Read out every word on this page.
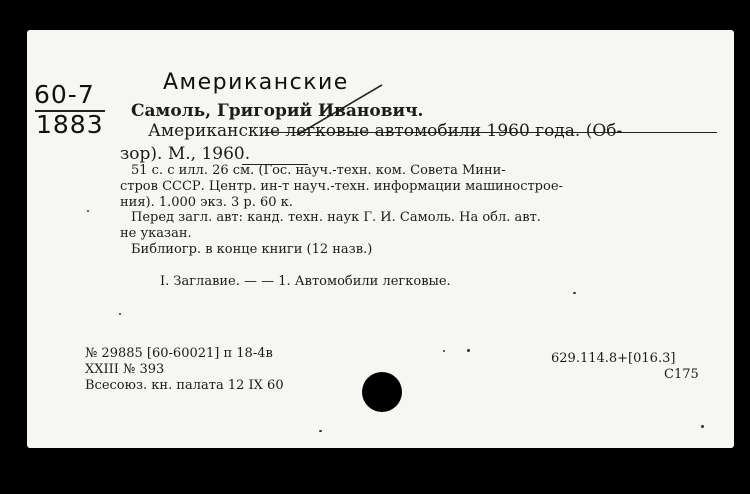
60-7
1883
Американские
Самоль, Григорий Иванович.
Американские легковые автомобили 1960 года. (Об-
зор). М., 1960.
51 с. с илл. 26 см. (Гос. науч.-техн. ком. Совета Мини-
стров СССР. Центр. ин-т науч.-техн. информации машинострое-
ния). 1.000 экз. 3 р. 60 к.
Перед загл. авт: канд. техн. наук Г. И. Самоль. На обл. авт.
не указан.
Библиогр. в конце книги (12 назв.)
I. Заглавие. — — 1. Автомобили легковые.
№ 29885 [60-60021] п 18-4в
XXIII № 393
Всесоюз. кн. палата 12 IX 60
629.114.8+[016.3]
С175
